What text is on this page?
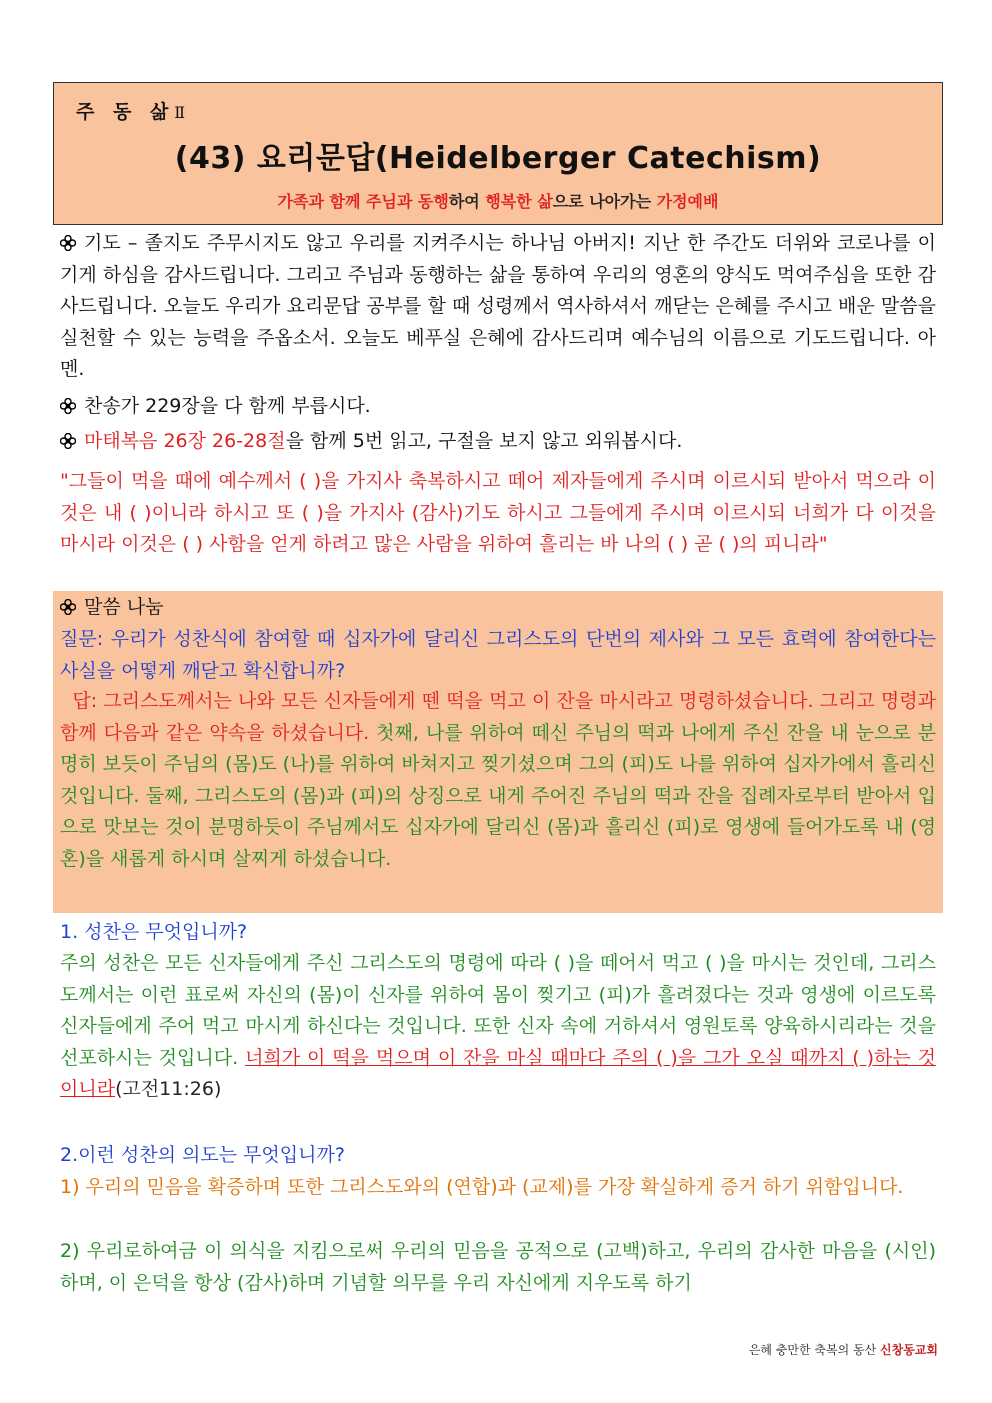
주 동 삶Ⅱ
(43) 요리문답(Heidelberger Catechism)
가족과 함께 주님과 동행하여 행복한 삶으로 나아가는 가정예배

기도 – 졸지도 주무시지도 않고 우리를 지켜주시는 하나님 아버지! 지난 한 주간도 더위와 코로나를 이기게 하심을 감사드립니다. 그리고 주님과 동행하는 삶을 통하여 우리의 영혼의 양식도 먹여주심을 또한 감사드립니다. 오늘도 우리가 요리문답 공부를 할 때 성령께서 역사하셔서 깨닫는 은혜를 주시고 배운 말씀을 실천할 수 있는 능력을 주옵소서. 오늘도 베푸실 은혜에 감사드리며 예수님의 이름으로 기도드립니다. 아멘.

찬송가 229장을 다 함께 부릅시다.

마태복음 26장 26-28절을 함께 5번 읽고, 구절을 보지 않고 외워봅시다.

"그들이 먹을 때에 예수께서 ( )을 가지사 축복하시고 떼어 제자들에게 주시며 이르시되 받아서 먹으라 이것은 내 ( )이니라 하시고 또 ( )을 가지사 (감사)기도 하시고 그들에게 주시며 이르시되 너희가 다 이것을 마시라 이것은 ( ) 사함을 얻게 하려고 많은 사람을 위하여 흘리는 바 나의 ( ) 곧 ( )의 피니라"

말씀 나눔

질문: 우리가 성찬식에 참여할 때 십자가에 달리신 그리스도의 단번의 제사와 그 모든 효력에 참여한다는 사실을 어떻게 깨닫고 확신합니까?

답: 그리스도께서는 나와 모든 신자들에게 뗀 떡을 먹고 이 잔을 마시라고 명령하셨습니다. 그리고 명령과 함께 다음과 같은 약속을 하셨습니다. 첫째, 나를 위하여 떼신 주님의 떡과 나에게 주신 잔을 내 눈으로 분명히 보듯이 주님의 (몸)도 (나)를 위하여 바쳐지고 찢기셨으며 그의 (피)도 나를 위하여 십자가에서 흘리신 것입니다. 둘째, 그리스도의 (몸)과 (피)의 상징으로 내게 주어진 주님의 떡과 잔을 집례자로부터 받아서 입으로 맛보는 것이 분명하듯이 주님께서도 십자가에 달리신 (몸)과 흘리신 (피)로 영생에 들어가도록 내 (영혼)을 새롭게 하시며 살찌게 하셨습니다.

1. 성찬은 무엇입니까?

주의 성찬은 모든 신자들에게 주신 그리스도의 명령에 따라 ( )을 떼어서 먹고 ( )을 마시는 것인데, 그리스도께서는 이런 표로써 자신의 (몸)이 신자를 위하여 몸이 찢기고 (피)가 흘려졌다는 것과 영생에 이르도록 신자들에게 주어 먹고 마시게 하신다는 것입니다. 또한 신자 속에 거하셔서 영원토록 양육하시리라는 것을 선포하시는 것입니다. 너희가 이 떡을 먹으며 이 잔을 마실 때마다 주의 ( )을 그가 오실 때까지 ( )하는 것이니라(고전11:26)

2.이런 성찬의 의도는 무엇입니까?

1) 우리의 믿음을 확증하며 또한 그리스도와의 (연합)과 (교제)를 가장 확실하게 증거 하기 위함입니다.

2) 우리로하여금 이 의식을 지킴으로써 우리의 믿음을 공적으로 (고백)하고, 우리의 감사한 마음을 (시인)하며, 이 은덕을 항상 (감사)하며 기념할 의무를 우리 자신에게 지우도록 하기

은혜 충만한 축복의 동산 신창동교회
